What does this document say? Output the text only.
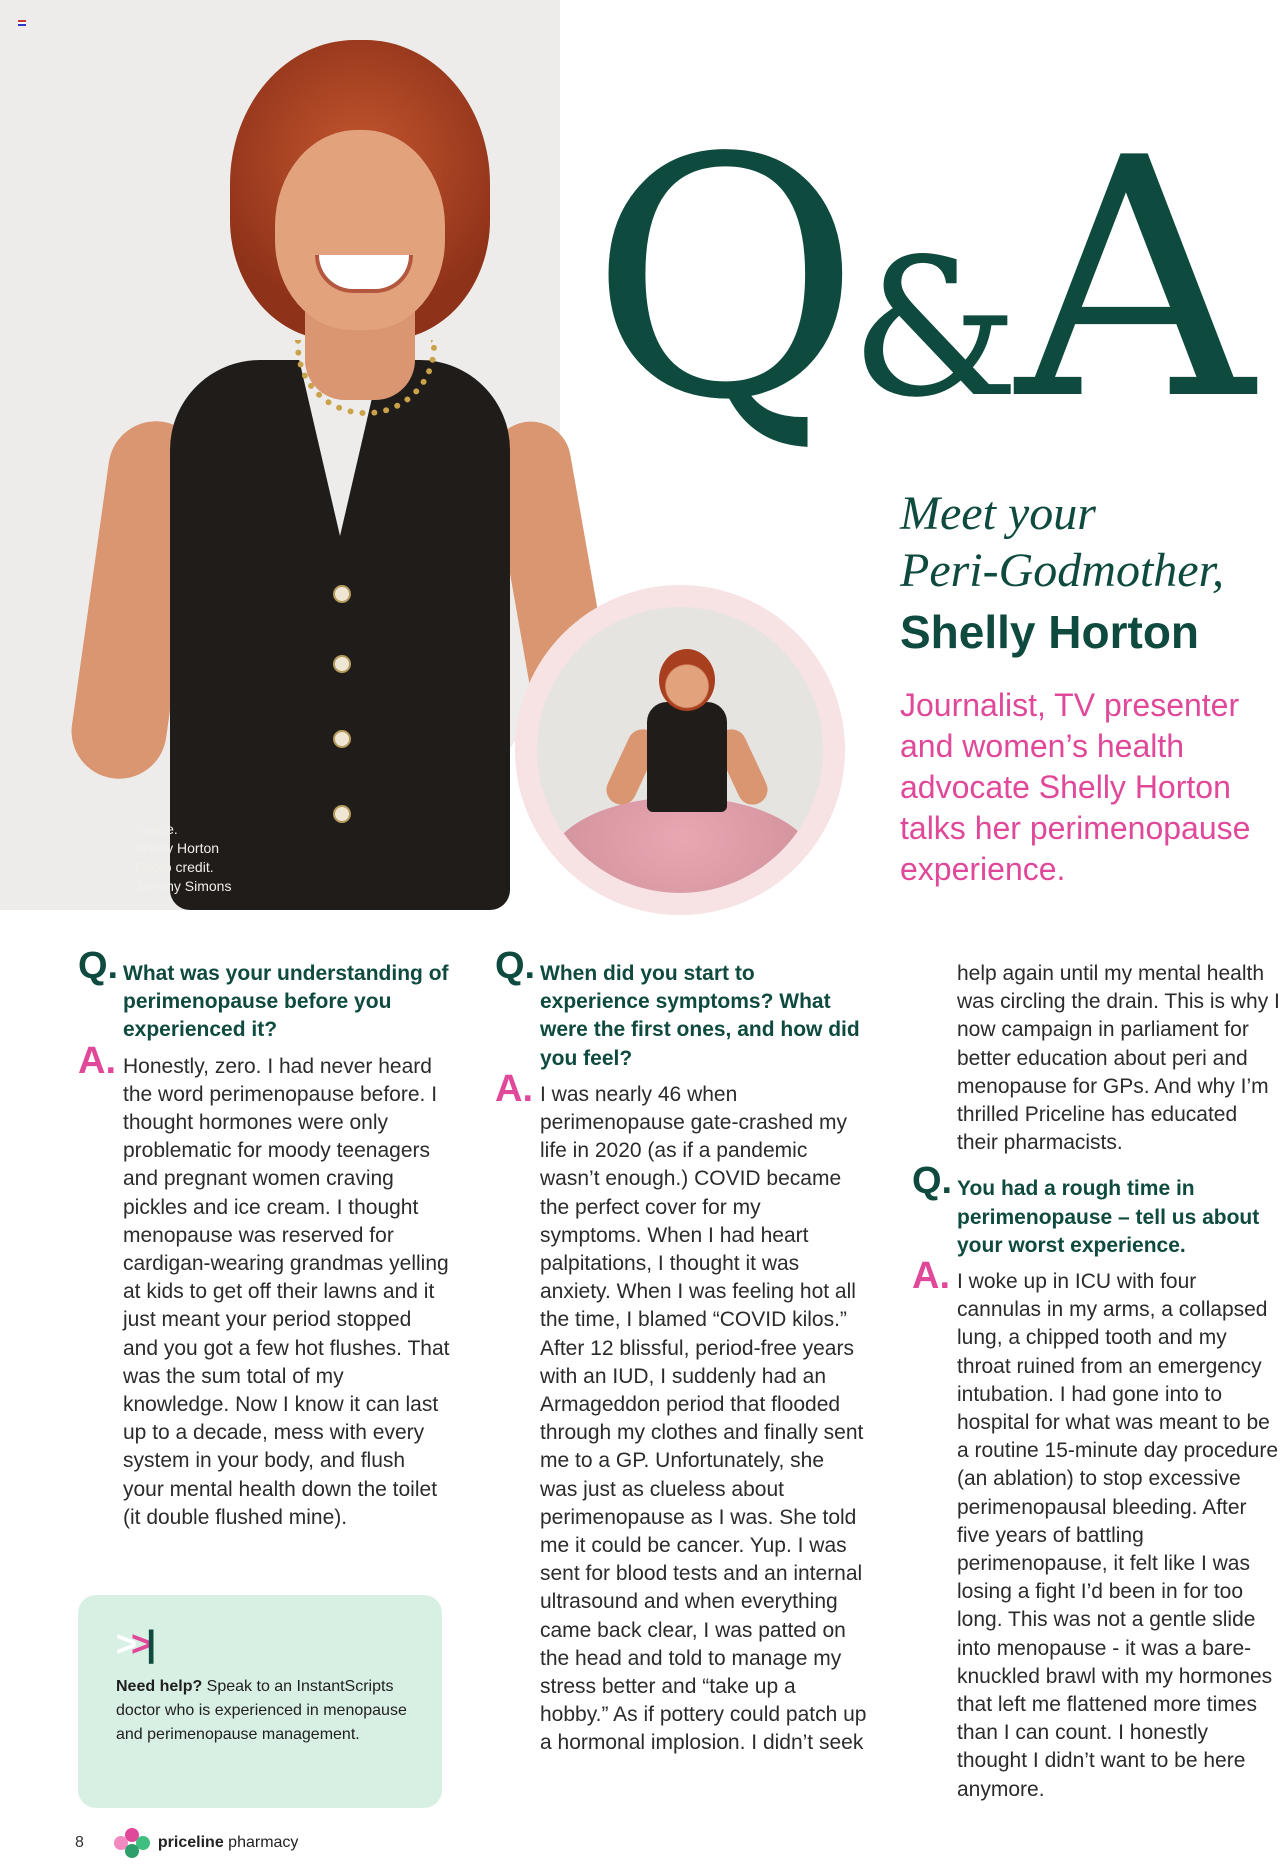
Image.
Shelly Horton
Photo credit.
Jeremy Simons
Q&A
Meet your
Peri-Godmother,
Shelly Horton
Journalist, TV presenter and women’s health advocate Shelly Horton talks her perimenopause experience.
Q. What was your understanding of perimenopause before you experienced it?

A. Honestly, zero. I had never heard the word perimenopause before. I thought hormones were only problematic for moody teenagers and pregnant women craving pickles and ice cream. I thought menopause was reserved for cardigan-wearing grandmas yelling at kids to get off their lawns and it just meant your period stopped and you got a few hot flushes. That was the sum total of my knowledge. Now I know it can last up to a decade, mess with every system in your body, and flush your mental health down the toilet (it double flushed mine).

>>|
Need help? Speak to an InstantScripts doctor who is experienced in menopause and perimenopause management.
Q. When did you start to experience symptoms? What were the first ones, and how did you feel?

A. I was nearly 46 when perimenopause gate-crashed my life in 2020 (as if a pandemic wasn’t enough.) COVID became the perfect cover for my symptoms. When I had heart palpitations, I thought it was anxiety. When I was feeling hot all the time, I blamed “COVID kilos.” After 12 blissful, period-free years with an IUD, I suddenly had an Armageddon period that flooded through my clothes and finally sent me to a GP. Unfortunately, she was just as clueless about perimenopause as I was. She told me it could be cancer. Yup. I was sent for blood tests and an internal ultrasound and when everything came back clear, I was patted on the head and told to manage my stress better and “take up a hobby.” As if pottery could patch up a hormonal implosion. I didn’t seek

help again until my mental health was circling the drain. This is why I now campaign in parliament for better education about peri and menopause for GPs. And why I’m thrilled Priceline has educated their pharmacists.

Q. You had a rough time in perimenopause – tell us about your worst experience.

A. I woke up in ICU with four cannulas in my arms, a collapsed lung, a chipped tooth and my throat ruined from an emergency intubation. I had gone into to hospital for what was meant to be a routine 15-minute day procedure (an ablation) to stop excessive perimenopausal bleeding. After five years of battling perimenopause, it felt like I was losing a fight I’d been in for too long. This was not a gentle slide into menopause - it was a bare-knuckled brawl with my hormones that left me flattened more times than I can count. I honestly thought I didn’t want to be here anymore.

8	priceline pharmacy
